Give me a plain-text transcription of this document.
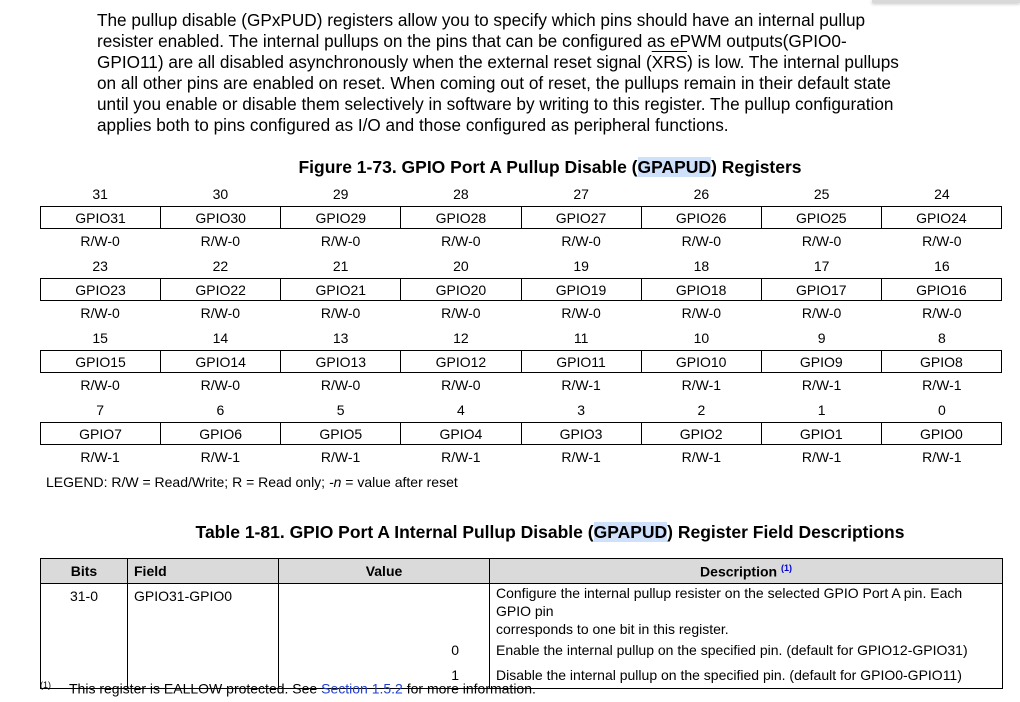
The pullup disable (GPxPUD) registers allow you to specify which pins should have an internal pullup

resister enabled. The internal pullups on the pins that can be configured as ePWM outputs(GPIO0-

GPIO11) are all disabled asynchronously when the external reset signal $(\overline{XRS})$ is low. The internal pullups

on all other pins are enabled on reset. When coming out of reset, the pullups remain in their default state

until you enable or disable them selectively in software by writing to this register. The pullup configuration

applies both to pins configured as I/O and those configured as peripheral functions.

Figure 1-73. GPIO Port A Pullup Disable (GPAPUD) Registers
31	30	29	28	27	26	25	24
GPIO31	GPIO30	GPIO29	GPIO28	GPIO27	GPIO26	GPIO25	GPIO24
R/W-0	R/W-0	R/W-0	R/W-0	R/W-0	R/W-0	R/W-0	R/W-0
23	22	21	20	19	18	17	16
GPIO23	GPIO22	GPIO21	GPIO20	GPIO19	GPIO18	GPIO17	GPIO16
R/W-0	R/W-0	R/W-0	R/W-0	R/W-0	R/W-0	R/W-0	R/W-0
15	14	13	12	11	10	9	8
GPIO15	GPIO14	GPIO13	GPIO12	GPIO11	GPIO10	GPIO9	GPIO8
R/W-0	R/W-0	R/W-0	R/W-0	R/W-1	R/W-1	R/W-1	R/W-1
7	6	5	4	3	2	1	0
GPIO7	GPIO6	GPIO5	GPIO4	GPIO3	GPIO2	GPIO1	GPIO0
R/W-1	R/W-1	R/W-1	R/W-1	R/W-1	R/W-1	R/W-1	R/W-1
LEGEND: R/W = Read/Write; R = Read only; -n = value after reset
Table 1-81. GPIO Port A Internal Pullup Disable (GPAPUD) Register Field Descriptions
Bits	Field	Value	Description $^{(1)}$
31-0	GPIO31-GPIO0		Configure the internal pullup resister on the selected GPIO Port A pin. Each GPIO pin
corresponds to one bit in this register.

		0	Enable the internal pullup on the specified pin. (default for GPIO12-GPIO31)
		1	Disable the internal pullup on the specified pin. (default for GPIO0-GPIO11)
$^{(1)}$ This register is EALLOW protected. See Section 1.5.2 for more information.
